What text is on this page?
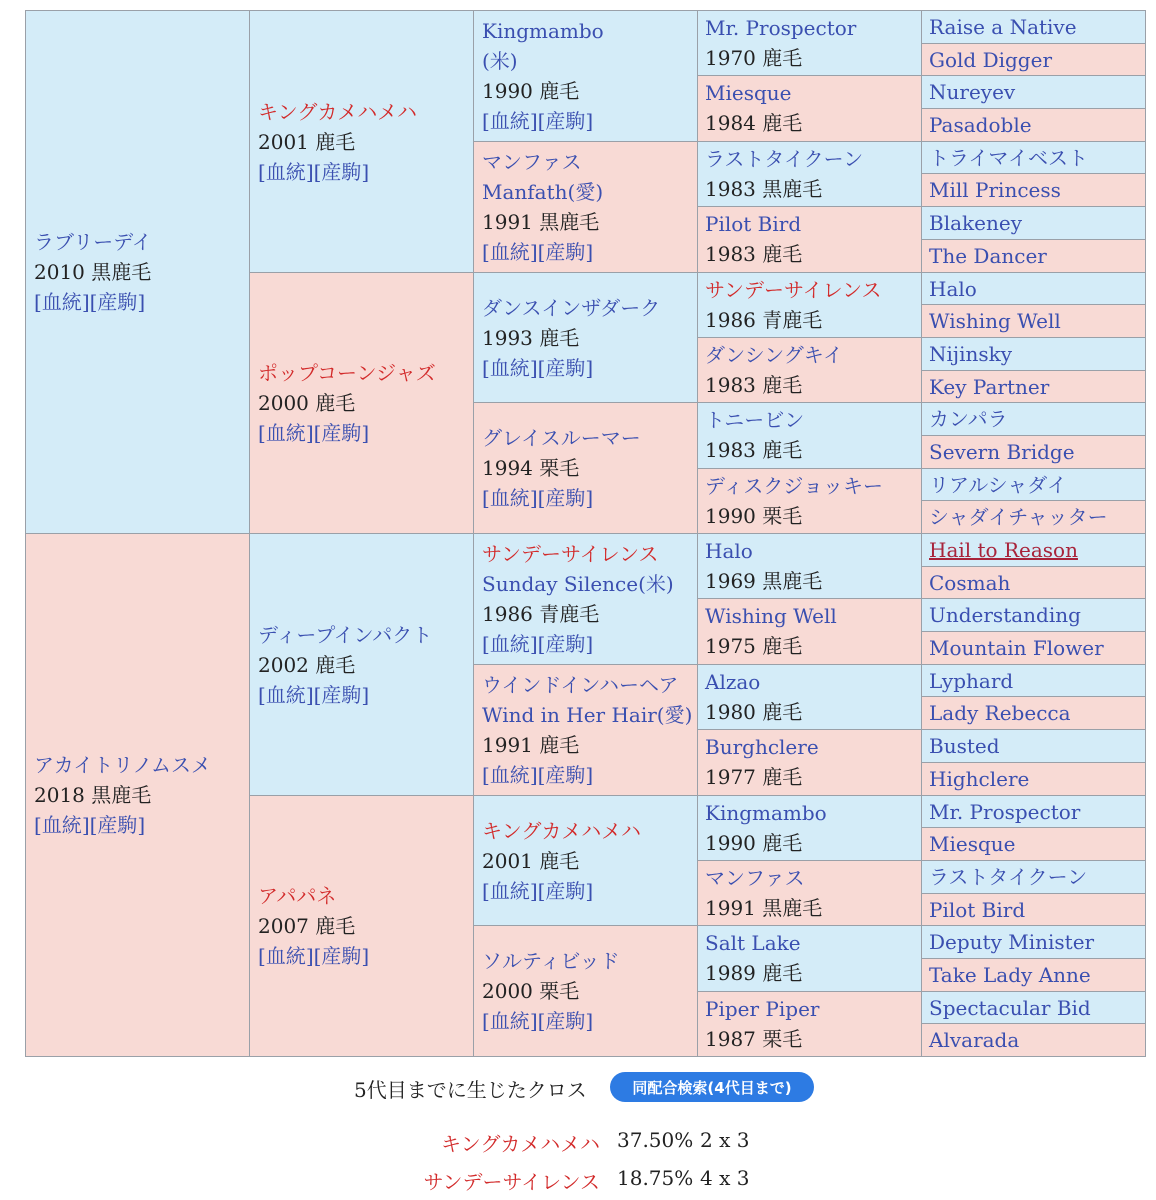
ラブリーデイ
2010 黒鹿毛
[血統][産駒]
アカイトリノムスメ
2018 黒鹿毛
[血統][産駒]
キングカメハメハ
2001 鹿毛
[血統][産駒]
ポップコーンジャズ
2000 鹿毛
[血統][産駒]
ディープインパクト
2002 鹿毛
[血統][産駒]
アパパネ
2007 鹿毛
[血統][産駒]
Kingmambo
(米)
1990 鹿毛
[血統][産駒]
マンファス
Manfath(愛)
1991 黒鹿毛
[血統][産駒]
ダンスインザダーク
1993 鹿毛
[血統][産駒]
グレイスルーマー
1994 栗毛
[血統][産駒]
サンデーサイレンス
Sunday Silence(米)
1986 青鹿毛
[血統][産駒]
ウインドインハーヘア
Wind in Her Hair(愛)
1991 鹿毛
[血統][産駒]
キングカメハメハ
2001 鹿毛
[血統][産駒]
ソルティビッド
2000 栗毛
[血統][産駒]
Mr. Prospector
1970 鹿毛
Miesque
1984 鹿毛
ラストタイクーン
1983 黒鹿毛
Pilot Bird
1983 鹿毛
サンデーサイレンス
1986 青鹿毛
ダンシングキイ
1983 鹿毛
トニービン
1983 鹿毛
ディスクジョッキー
1990 栗毛
Halo
1969 黒鹿毛
Wishing Well
1975 鹿毛
Alzao
1980 鹿毛
Burghclere
1977 鹿毛
Kingmambo
1990 鹿毛
マンファス
1991 黒鹿毛
Salt Lake
1989 鹿毛
Piper Piper
1987 栗毛
Raise a Native
Gold Digger
Nureyev
Pasadoble
トライマイベスト
Mill Princess
Blakeney
The Dancer
Halo
Wishing Well
Nijinsky
Key Partner
カンパラ
Severn Bridge
リアルシャダイ
シャダイチャッター
Hail to Reason
Cosmah
Understanding
Mountain Flower
Lyphard
Lady Rebecca
Busted
Highclere
Mr. Prospector
Miesque
ラストタイクーン
Pilot Bird
Deputy Minister
Take Lady Anne
Spectacular Bid
Alvarada
5代目までに生じたクロス	同配合検索(4代目まで)
キングカメハメハ 37.50% 2 x 3
サンデーサイレンス 18.75% 4 x 3
